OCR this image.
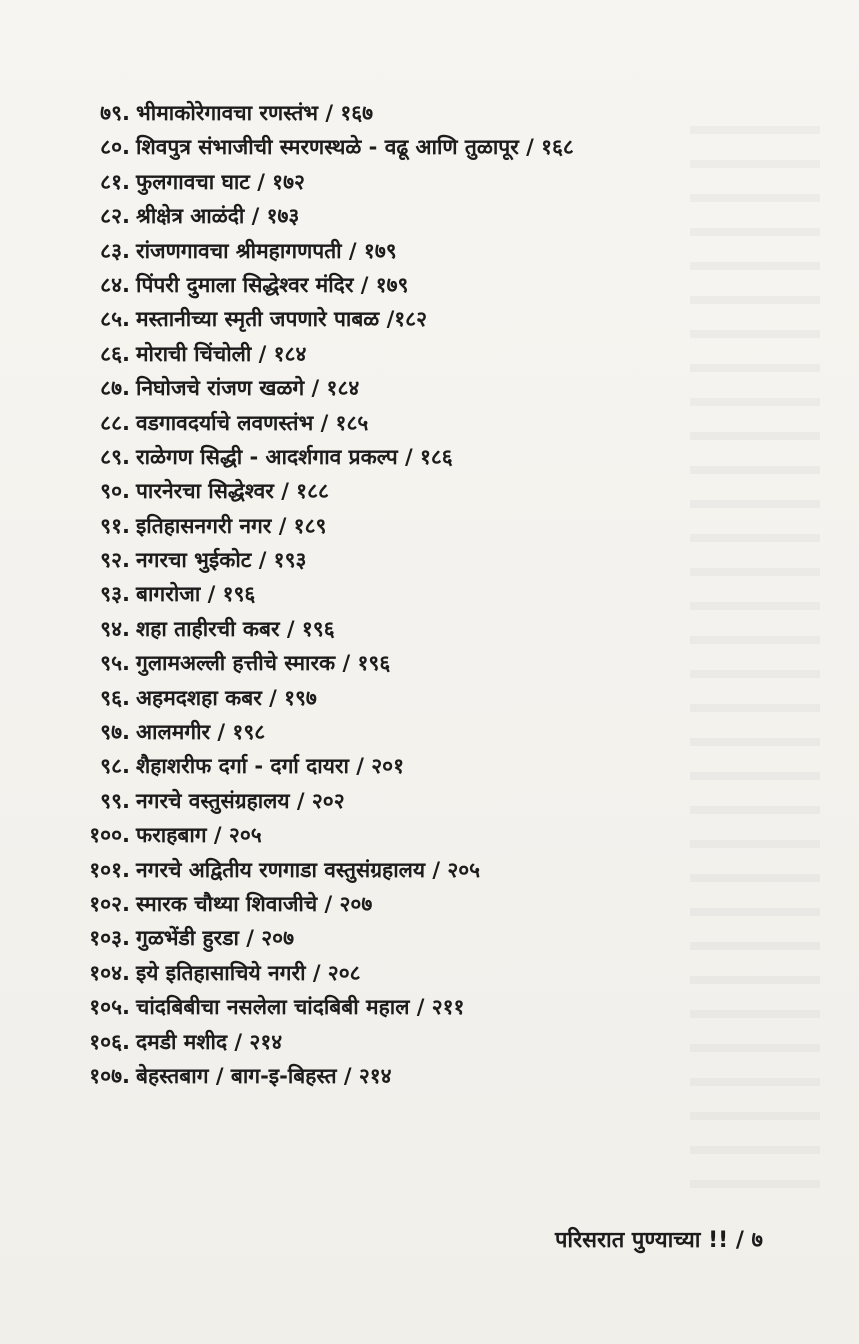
७९. भीमाकोरेगावचा रणस्तंभ / १६७
८०. शिवपुत्र संभाजीची स्मरणस्थळे - वढू आणि तुळापूर / १६८
८१. फुलगावचा घाट / १७२
८२. श्रीक्षेत्र आळंदी / १७३
८३. रांजणगावचा श्रीमहागणपती / १७९
८४. पिंपरी दुमाला सिद्धेश्वर मंदिर / १७९
८५. मस्तानीच्या स्मृती जपणारे पाबळ /१८२
८६. मोराची चिंचोली / १८४
८७. निघोजचे रांजण खळगे / १८४
८८. वडगावदर्याचे लवणस्तंभ / १८५
८९. राळेगण सिद्धी - आदर्शगाव प्रकल्प / १८६
९०. पारनेरचा सिद्धेश्वर / १८८
९१. इतिहासनगरी नगर / १८९
९२. नगरचा भुईकोट / १९३
९३. बागरोजा / १९६
९४. शहा ताहीरची कबर / १९६
९५. गुलामअल्ली हत्तीचे स्मारक / १९६
९६. अहमदशहा कबर / १९७
९७. आलमगीर / १९८
९८. शैहाशरीफ दर्गा - दर्गा दायरा / २०१
९९. नगरचे वस्तुसंग्रहालय / २०२
१००. फराहबाग / २०५
१०१. नगरचे अद्वितीय रणगाडा वस्तुसंग्रहालय / २०५
१०२. स्मारक चौथ्या शिवाजीचे / २०७
१०३. गुळभेंडी हुरडा / २०७
१०४. इये इतिहासाचिये नगरी / २०८
१०५. चांदबिबीचा नसलेला चांदबिबी महाल / २११
१०६. दमडी मशीद / २१४
१०७. बेहस्तबाग / बाग-इ-बिहस्त / २१४
परिसरात पुण्याच्या !! / ७
